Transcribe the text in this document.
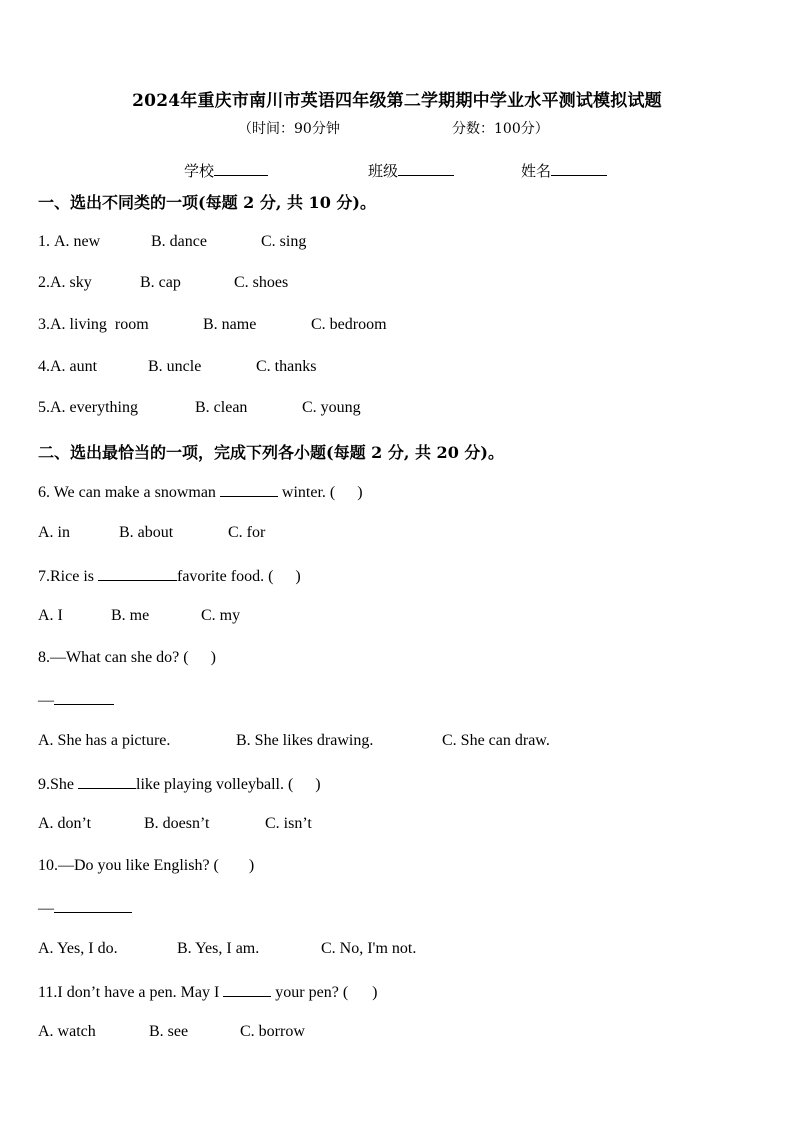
2024年重庆市南川市英语四年级第二学期期中学业水平测试模拟试题
（时间：90分钟	分数：100分）
学校	班级	姓名
一、选出不同类的一项(每题 2 分, 共 10 分)。
1. A. new	B. dance	C. sing
2.A. sky	B. cap	C. shoes
3.A. living  room	B. name	C. bedroom
4.A. aunt	B. uncle	C. thanks
5.A. everything	B. clean	C. young
二、选出最恰当的一项，完成下列各小题(每题 2 分, 共 20 分)。
6. We can make a snowman	winter. ( )
A. in	B. about	C. for
7.Rice is	favorite food. ( )
A. I	B. me	C. my
8.—What can she do? ( )
—
A. She has a picture.	B. She likes drawing.	C. She can draw.
9.She	like playing volleyball. ( )
A. don’t	B. doesn’t	C. isn’t
10.—Do you like English? ( )
—
A. Yes, I do.	B. Yes, I am.	C. No, I'm not.
11.I don’t have a pen. May I	your pen? ( )
A. watch	B. see	C. borrow
